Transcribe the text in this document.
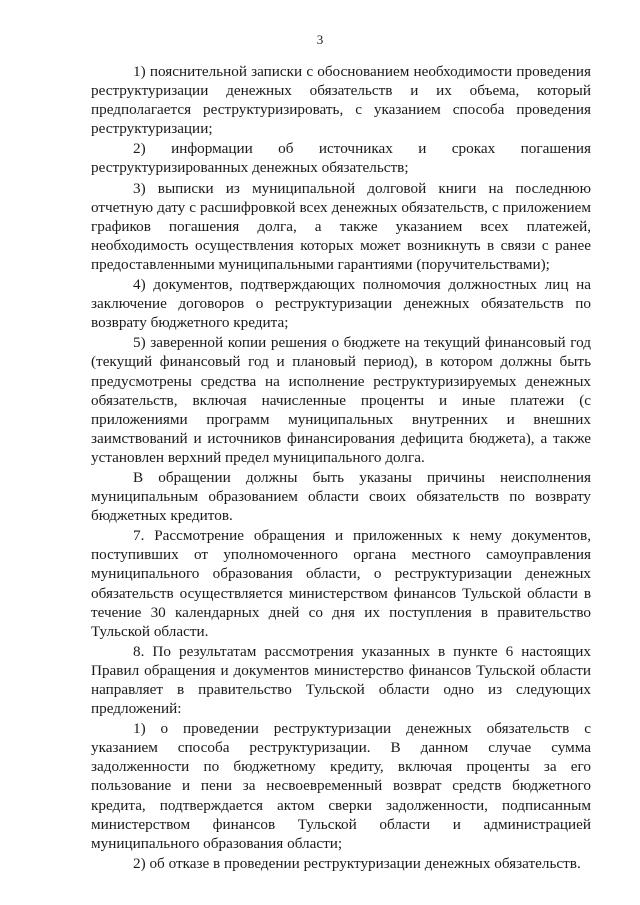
3

1) пояснительной записки с обоснованием необходимости проведения реструктуризации денежных обязательств и их объема, который предполагается реструктуризировать, с указанием способа проведения реструктуризации;

2) информации об источниках и сроках погашения реструктуризированных денежных обязательств;

3) выписки из муниципальной долговой книги на последнюю отчетную дату с расшифровкой всех денежных обязательств, с приложением графиков погашения долга, а также указанием всех платежей, необходимость осуществления которых может возникнуть в связи с ранее предоставленными муниципальными гарантиями (поручительствами);

4) документов, подтверждающих полномочия должностных лиц на заключение договоров о реструктуризации денежных обязательств по возврату бюджетного кредита;

5) заверенной копии решения о бюджете на текущий финансовый год (текущий финансовый год и плановый период), в котором должны быть предусмотрены средства на исполнение реструктуризируемых денежных обязательств, включая начисленные проценты и иные платежи (с приложениями программ муниципальных внутренних и внешних заимствований и источников финансирования дефицита бюджета), а также установлен верхний предел муниципального долга.

В обращении должны быть указаны причины неисполнения муниципальным образованием области своих обязательств по возврату бюджетных кредитов.

7. Рассмотрение обращения и приложенных к нему документов, поступивших от уполномоченного органа местного самоуправления муниципального образования области, о реструктуризации денежных обязательств осуществляется министерством финансов Тульской области в течение 30 календарных дней со дня их поступления в правительство Тульской области.

8. По результатам рассмотрения указанных в пункте 6 настоящих Правил обращения и документов министерство финансов Тульской области направляет в правительство Тульской области одно из следующих предложений:

1) о проведении реструктуризации денежных обязательств с указанием способа реструктуризации. В данном случае сумма задолженности по бюджетному кредиту, включая проценты за его пользование и пени за несвоевременный возврат средств бюджетного кредита, подтверждается актом сверки задолженности, подписанным министерством финансов Тульской области и администрацией муниципального образования области;

2) об отказе в проведении реструктуризации денежных обязательств.
